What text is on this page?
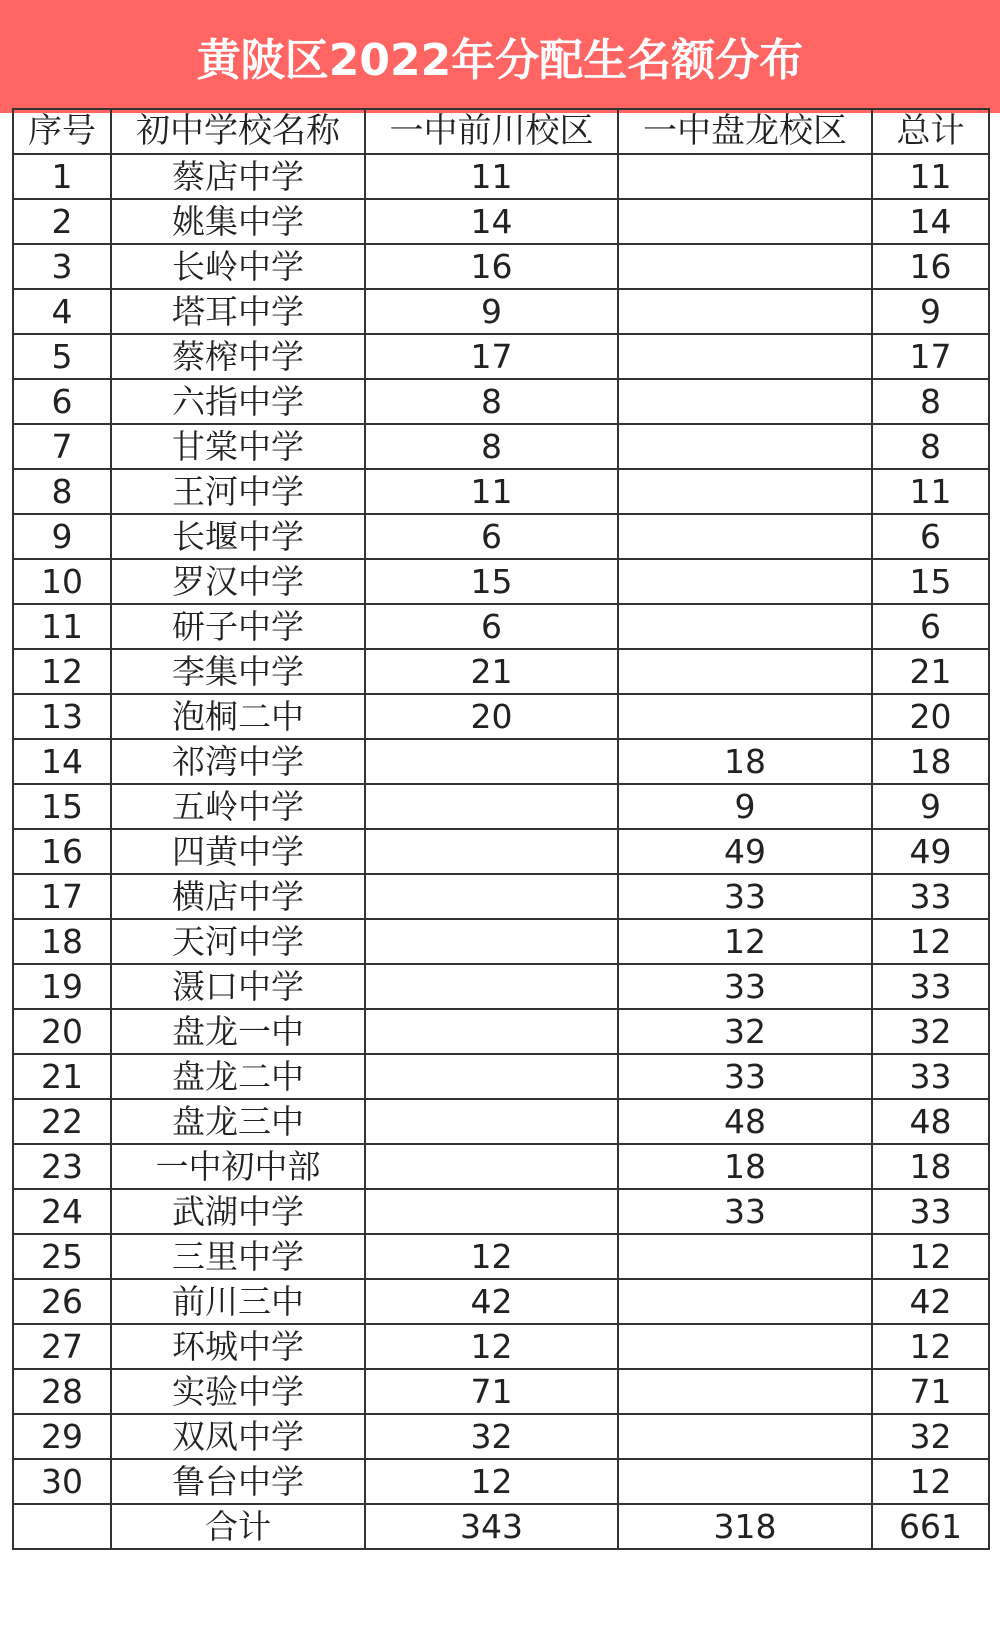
黄陂区2022年分配生名额分布
序号	初中学校名称	一中前川校区	一中盘龙校区	总计
1	蔡店中学	11		11
2	姚集中学	14		14
3	长岭中学	16		16
4	塔耳中学	9		9
5	蔡榨中学	17		17
6	六指中学	8		8
7	甘棠中学	8		8
8	王河中学	11		11
9	长堰中学	6		6
10	罗汉中学	15		15
11	研子中学	6		6
12	李集中学	21		21
13	泡桐二中	20		20
14	祁湾中学		18	18
15	五岭中学		9	9
16	四黄中学		49	49
17	横店中学		33	33
18	天河中学		12	12
19	滠口中学		33	33
20	盘龙一中		32	32
21	盘龙二中		33	33
22	盘龙三中		48	48
23	一中初中部		18	18
24	武湖中学		33	33
25	三里中学	12		12
26	前川三中	42		42
27	环城中学	12		12
28	实验中学	71		71
29	双凤中学	32		32
30	鲁台中学	12		12
	合计	343	318	661
